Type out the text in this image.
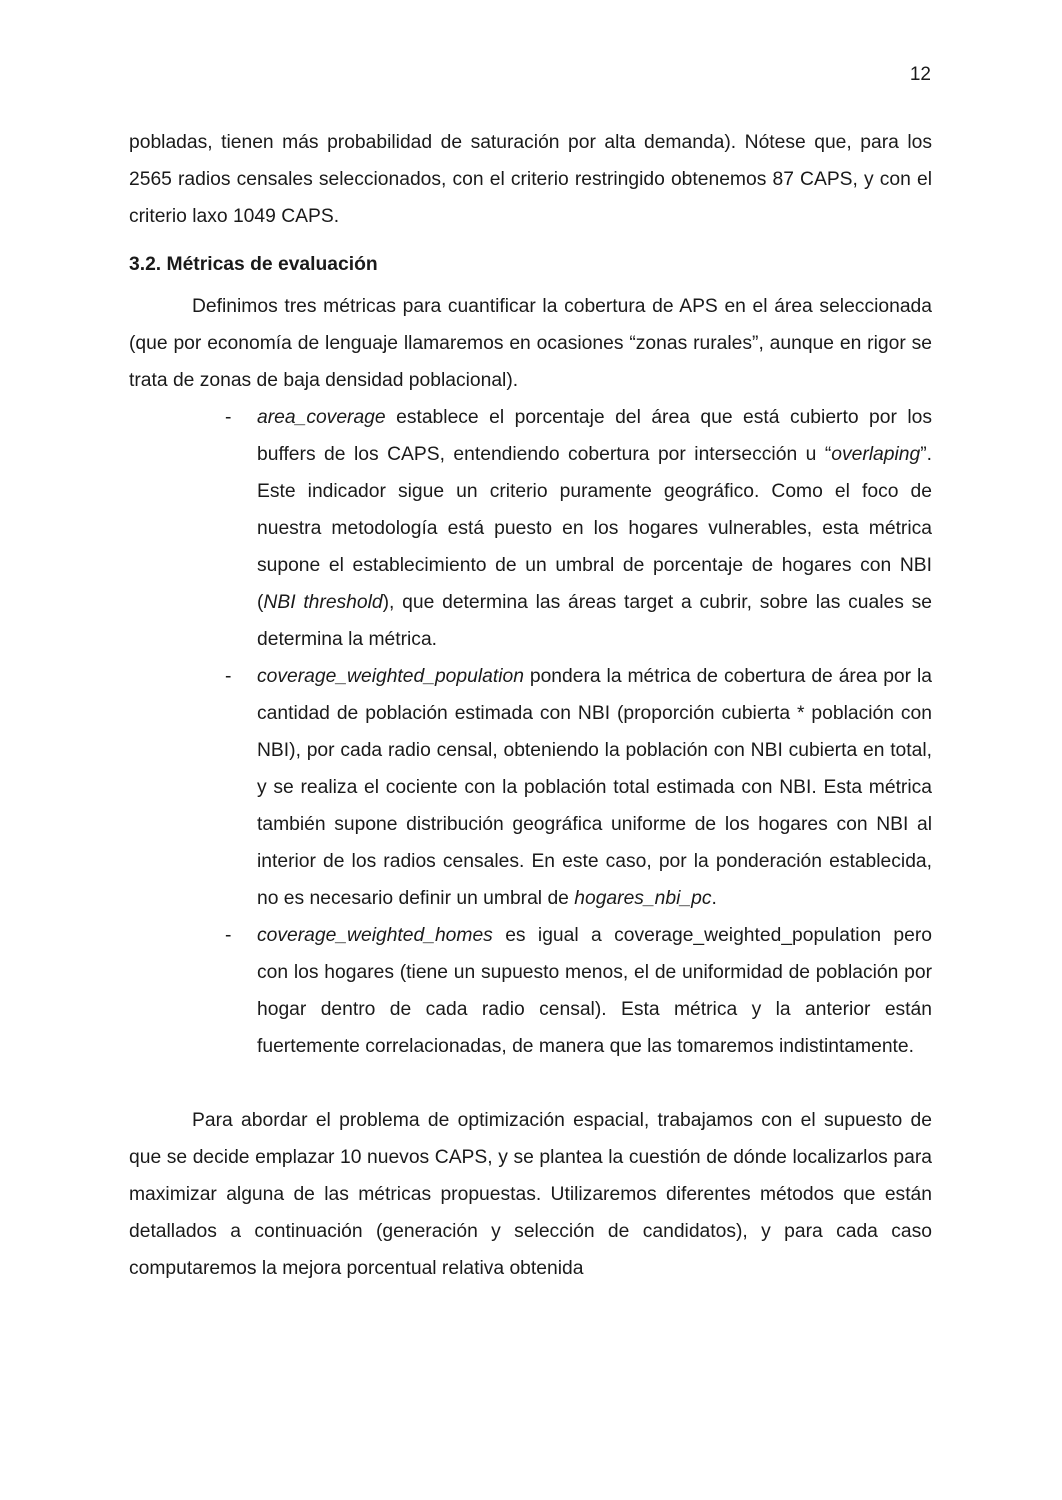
12

pobladas, tienen más probabilidad de saturación por alta demanda). Nótese que, para los 2565 radios censales seleccionados, con el criterio restringido obtenemos 87 CAPS, y con el criterio laxo 1049 CAPS.

3.2. Métricas de evaluación

Definimos tres métricas para cuantificar la cobertura de APS en el área seleccionada (que por economía de lenguaje llamaremos en ocasiones “zonas rurales”, aunque en rigor se trata de zonas de baja densidad poblacional).

- area_coverage establece el porcentaje del área que está cubierto por los buffers de los CAPS, entendiendo cobertura por intersección u “overlaping”. Este indicador sigue un criterio puramente geográfico. Como el foco de nuestra metodología está puesto en los hogares vulnerables, esta métrica supone el establecimiento de un umbral de porcentaje de hogares con NBI (NBI threshold), que determina las áreas target a cubrir, sobre las cuales se determina la métrica.
- coverage_weighted_population pondera la métrica de cobertura de área por la cantidad de población estimada con NBI (proporción cubierta * población con NBI), por cada radio censal, obteniendo la población con NBI cubierta en total, y se realiza el cociente con la población total estimada con NBI. Esta métrica también supone distribución geográfica uniforme de los hogares con NBI al interior de los radios censales. En este caso, por la ponderación establecida, no es necesario definir un umbral de hogares_nbi_pc.
- coverage_weighted_homes es igual a coverage_weighted_population pero con los hogares (tiene un supuesto menos, el de uniformidad de población por hogar dentro de cada radio censal). Esta métrica y la anterior están fuertemente correlacionadas, de manera que las tomaremos indistintamente.

Para abordar el problema de optimización espacial, trabajamos con el supuesto de que se decide emplazar 10 nuevos CAPS, y se plantea la cuestión de dónde localizarlos para maximizar alguna de las métricas propuestas. Utilizaremos diferentes métodos que están detallados a continuación (generación y selección de candidatos), y para cada caso computaremos la mejora porcentual relativa obtenida
